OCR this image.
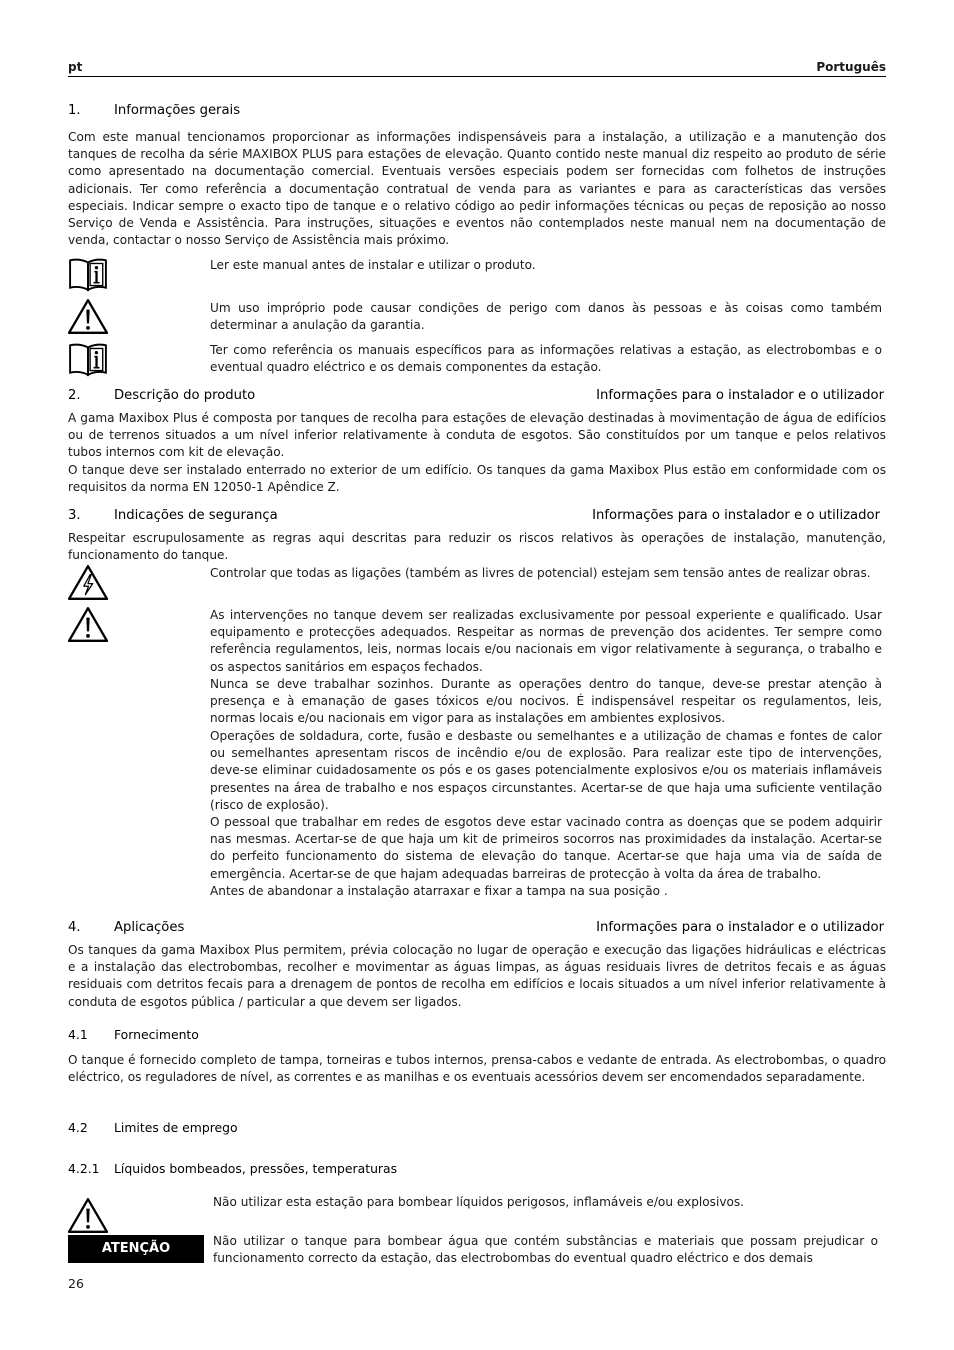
pt	Português
1.	Informações gerais

Com este manual tencionamos proporcionar as informações indispensáveis para a instalação, a utilização e a manutenção dos tanques de recolha da série MAXIBOX PLUS para estações de elevação. Quanto contido neste manual diz respeito ao produto de série como apresentado na documentação comercial. Eventuais versões especiais podem ser fornecidas com folhetos de instruções adicionais. Ter como referência a documentação contratual de venda para as variantes e para as características das versões especiais. Indicar sempre o exacto tipo de tanque e o relativo código ao pedir informações técnicas ou peças de reposição ao nosso Serviço de Venda e Assistência. Para instruções, situações e eventos não contemplados neste manual nem na documentação de venda, contactar o nosso Serviço de Assistência mais próximo.

Ler este manual antes de instalar e utilizar o produto.

Um uso impróprio pode causar condições de perigo com danos às pessoas e às coisas como também determinar a anulação da garantia.

Ter como referência os manuais específicos para as informações relativas a estação, as electrobombas e o eventual quadro eléctrico e os demais componentes da estação.

2.	Descrição do produto	Informações para o instalador e o utilizador

A gama Maxibox Plus é composta por tanques de recolha para estações de elevação destinadas à movimentação de água de edifícios ou de terrenos situados a um nível inferior relativamente à conduta de esgotos. São constituídos por um tanque e pelos relativos tubos internos com kit de elevação.

O tanque deve ser instalado enterrado no exterior de um edifício. Os tanques da gama Maxibox Plus estão em conformidade com os requisitos da norma EN 12050-1 Apêndice Z.

3.	Indicações de segurança	Informações para o instalador e o utilizador

Respeitar escrupulosamente as regras aqui descritas para reduzir os riscos relativos às operações de instalação, manutenção, funcionamento do tanque.

Controlar que todas as ligações (também as livres de potencial) estejam sem tensão antes de realizar obras.

As intervenções no tanque devem ser realizadas exclusivamente por pessoal experiente e qualificado. Usar equipamento e protecções adequados. Respeitar as normas de prevenção dos acidentes. Ter sempre como referência regulamentos, leis, normas locais e/ou nacionais em vigor relativamente à segurança, o trabalho e os aspectos sanitários em espaços fechados.

Nunca se deve trabalhar sozinhos. Durante as operações dentro do tanque, deve-se prestar atenção à presença e à emanação de gases tóxicos e/ou nocivos. É indispensável respeitar os regulamentos, leis, normas locais e/ou nacionais em vigor para as instalações em ambientes explosivos.

Operações de soldadura, corte, fusão e desbaste ou semelhantes e a utilização de chamas e fontes de calor ou semelhantes apresentam riscos de incêndio e/ou de explosão. Para realizar este tipo de intervenções, deve-se eliminar cuidadosamente os pós e os gases potencialmente explosivos e/ou os materiais inflamáveis presentes na área de trabalho e nos espaços circunstantes. Acertar-se de que haja uma suficiente ventilação (risco de explosão).

O pessoal que trabalhar em redes de esgotos deve estar vacinado contra as doenças que se podem adquirir nas mesmas. Acertar-se de que haja um kit de primeiros socorros nas proximidades da instalação. Acertar-se do perfeito funcionamento do sistema de elevação do tanque. Acertar-se que haja uma via de saída de emergência. Acertar-se de que hajam adequadas barreiras de protecção à volta da área de trabalho.

Antes de abandonar a instalação atarraxar e fixar a tampa na sua posição .

4.	Aplicações	Informações para o instalador e o utilizador

Os tanques da gama Maxibox Plus permitem, prévia colocação no lugar de operação e execução das ligações hidráulicas e eléctricas e a instalação das electrobombas, recolher e movimentar as águas limpas, as águas residuais livres de detritos fecais e as águas residuais com detritos fecais para a drenagem de pontos de recolha em edifícios e locais situados a um nível inferior relativamente à conduta de esgotos pública / particular a que devem ser ligados.

4.1 Fornecimento

O tanque é fornecido completo de tampa, torneiras e tubos internos, prensa-cabos e vedante de entrada. As electrobombas, o quadro eléctrico, os reguladores de nível, as correntes e as manilhas e os eventuais acessórios devem ser encomendados separadamente.

4.2 Limites de emprego
4.2.1 Líquidos bombeados, pressões, temperaturas

Não utilizar esta estação para bombear líquidos perigosos, inflamáveis e/ou explosivos.

ATENÇÃO	Não utilizar o tanque para bombear água que contém substâncias e materiais que possam prejudicar o funcionamento correcto da estação, das electrobombas do eventual quadro eléctrico e dos demais

26
